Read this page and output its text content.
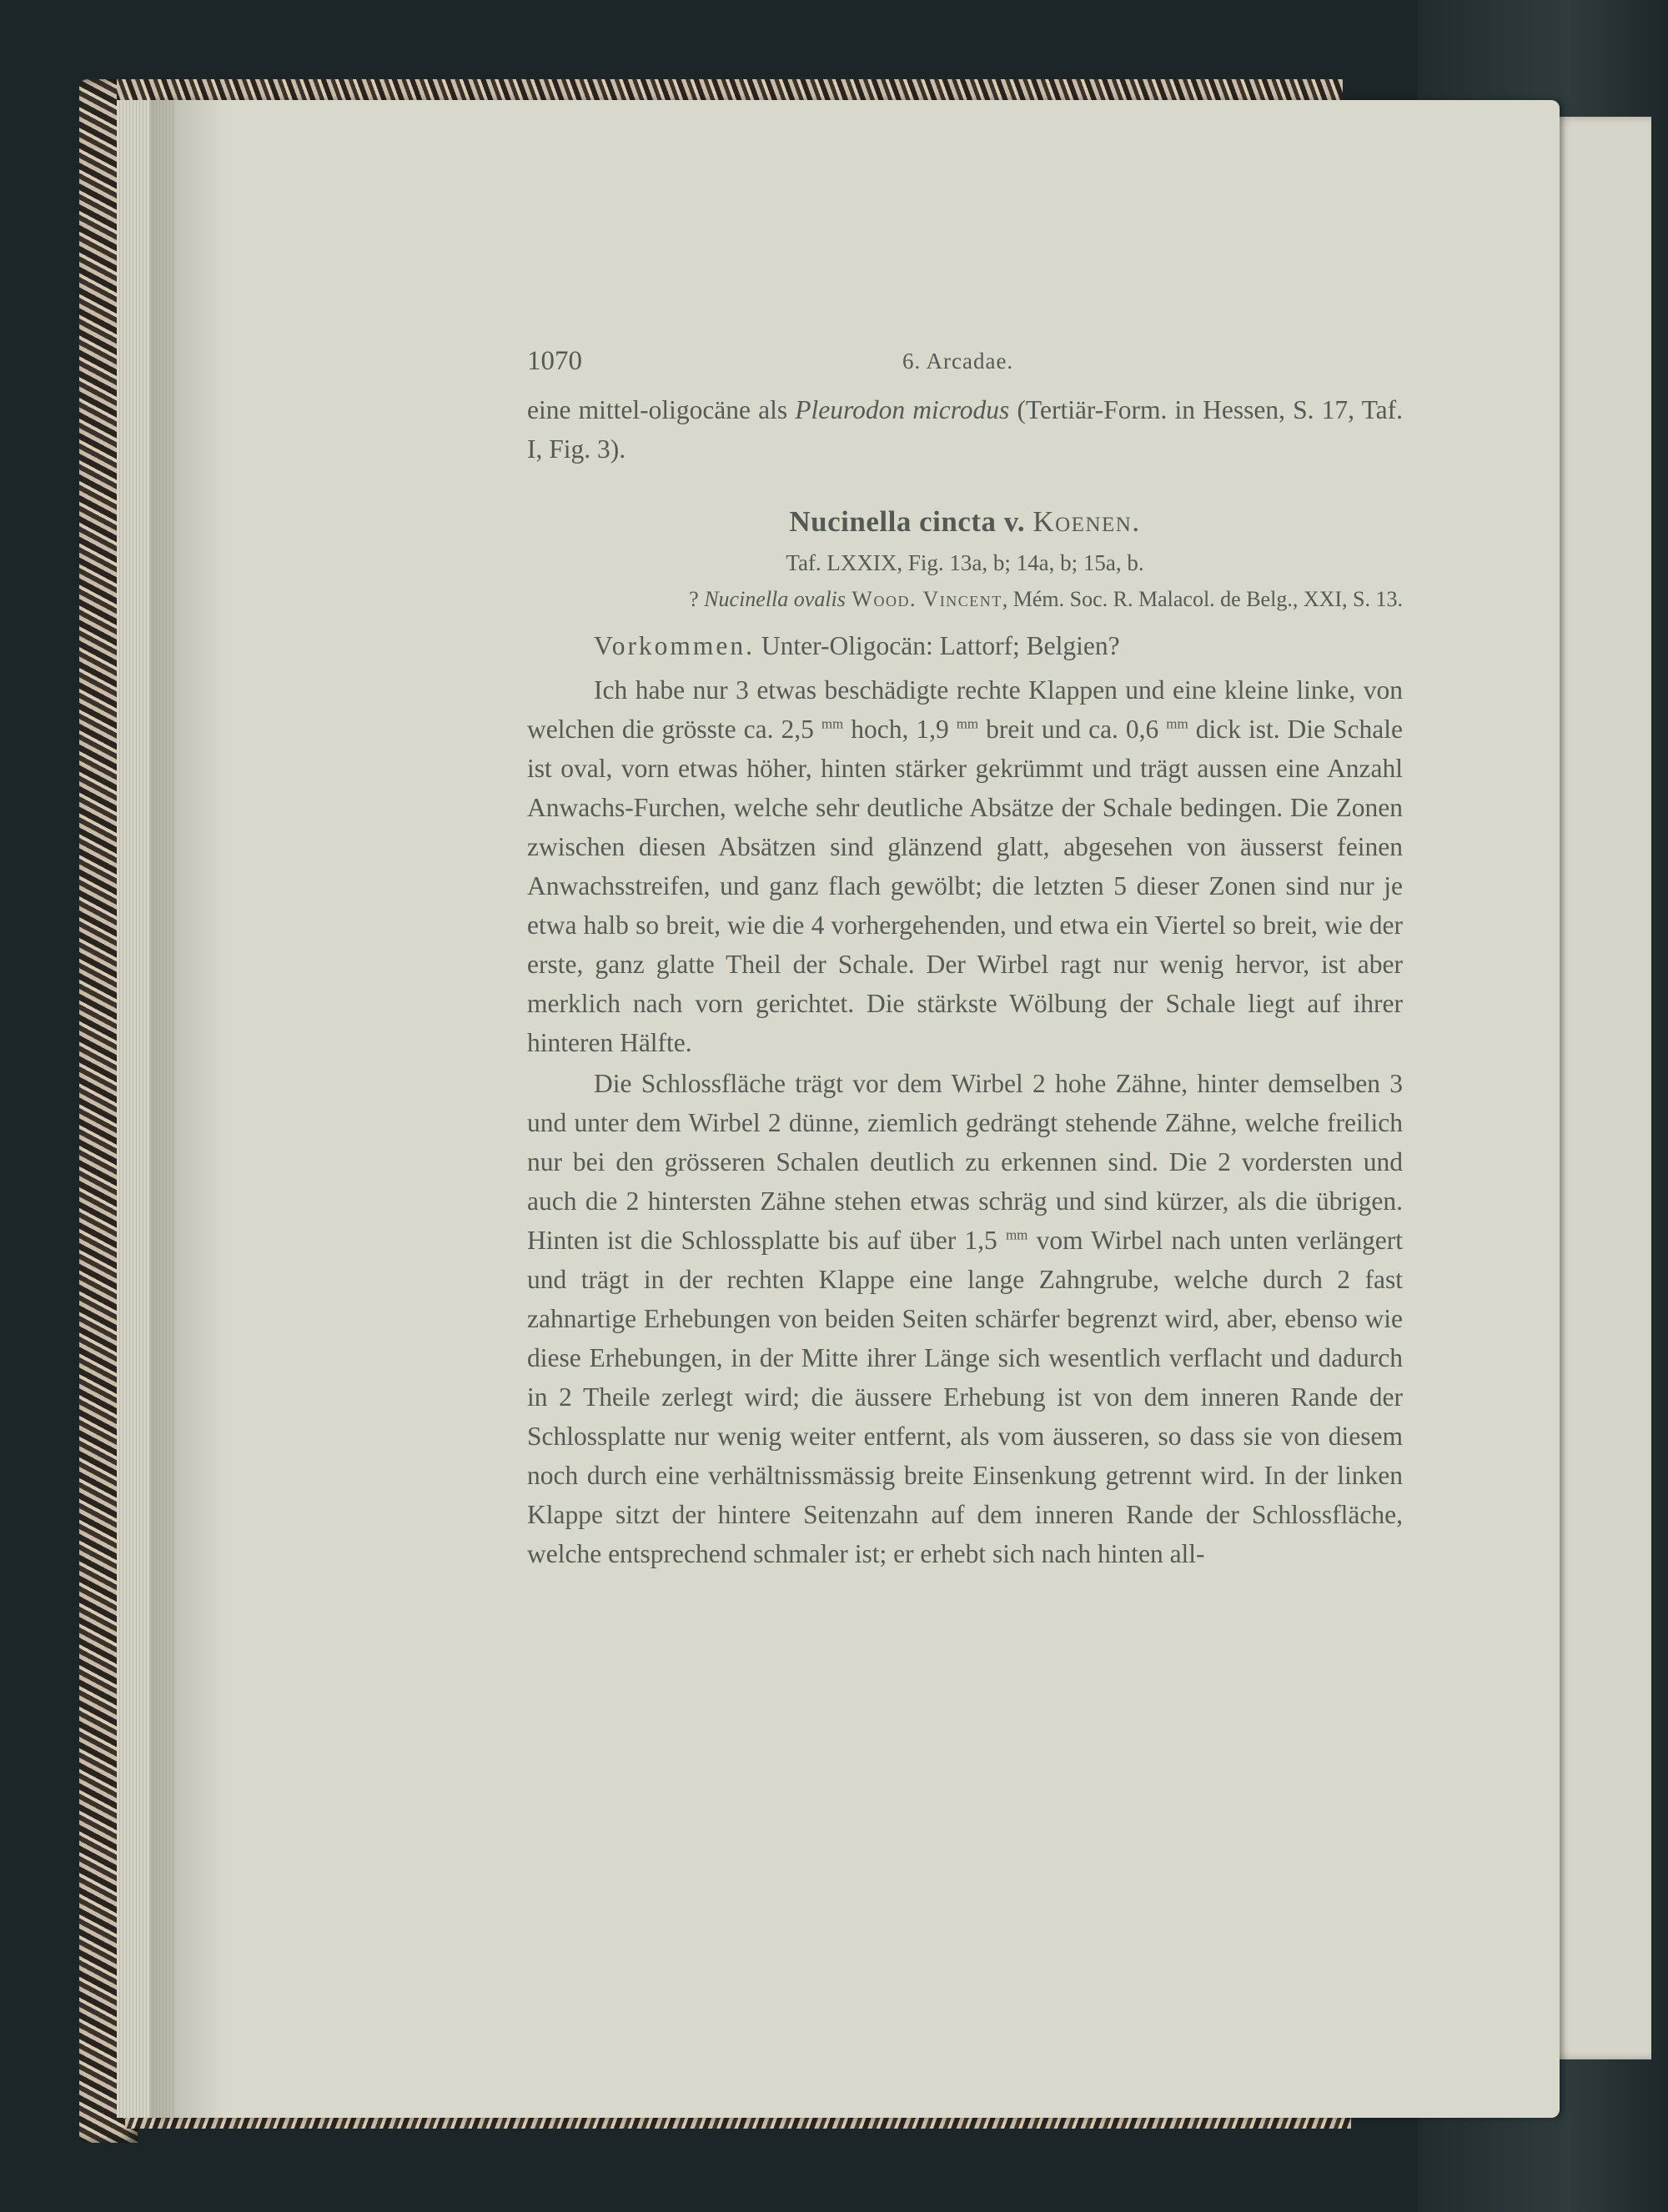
1070	6. Arcadae.

eine mittel-oligocäne als Pleurodon microdus (Tertiär-Form. in Hessen, S. 17, Taf. I, Fig. 3).

Nucinella cincta v. Koenen.

Taf. LXXIX, Fig. 13a, b; 14a, b; 15a, b.

? Nucinella ovalis Wood. Vincent, Mém. Soc. R. Malacol. de Belg., XXI, S. 13.

Vorkommen. Unter-Oligocän: Lattorf; Belgien?

Ich habe nur 3 etwas beschädigte rechte Klappen und eine kleine linke, von welchen die grösste ca. 2,5 $^{mm}$ hoch, 1,9 $^{mm}$ breit und ca. 0,6 $^{mm}$ dick ist. Die Schale ist oval, vorn etwas höher, hinten stärker gekrümmt und trägt aussen eine Anzahl Anwachs-Furchen, welche sehr deutliche Absätze der Schale bedingen. Die Zonen zwischen diesen Absätzen sind glänzend glatt, abgesehen von äusserst feinen Anwachsstreifen, und ganz flach gewölbt; die letzten 5 dieser Zonen sind nur je etwa halb so breit, wie die 4 vorhergehenden, und etwa ein Viertel so breit, wie der erste, ganz glatte Theil der Schale. Der Wirbel ragt nur wenig hervor, ist aber merklich nach vorn gerichtet. Die stärkste Wölbung der Schale liegt auf ihrer hinteren Hälfte.

Die Schlossfläche trägt vor dem Wirbel 2 hohe Zähne, hinter demselben 3 und unter dem Wirbel 2 dünne, ziemlich gedrängt stehende Zähne, welche freilich nur bei den grösseren Schalen deutlich zu erkennen sind. Die 2 vordersten und auch die 2 hintersten Zähne stehen etwas schräg und sind kürzer, als die übrigen. Hinten ist die Schlossplatte bis auf über 1,5 $^{mm}$ vom Wirbel nach unten verlängert und trägt in der rechten Klappe eine lange Zahngrube, welche durch 2 fast zahnartige Erhebungen von beiden Seiten schärfer begrenzt wird, aber, ebenso wie diese Erhebungen, in der Mitte ihrer Länge sich wesentlich verflacht und dadurch in 2 Theile zerlegt wird; die äussere Erhebung ist von dem inneren Rande der Schlossplatte nur wenig weiter entfernt, als vom äusseren, so dass sie von diesem noch durch eine verhältnissmässig breite Einsenkung getrennt wird. In der linken Klappe sitzt der hintere Seitenzahn auf dem inneren Rande der Schlossfläche, welche entsprechend schmaler ist; er erhebt sich nach hinten all-
